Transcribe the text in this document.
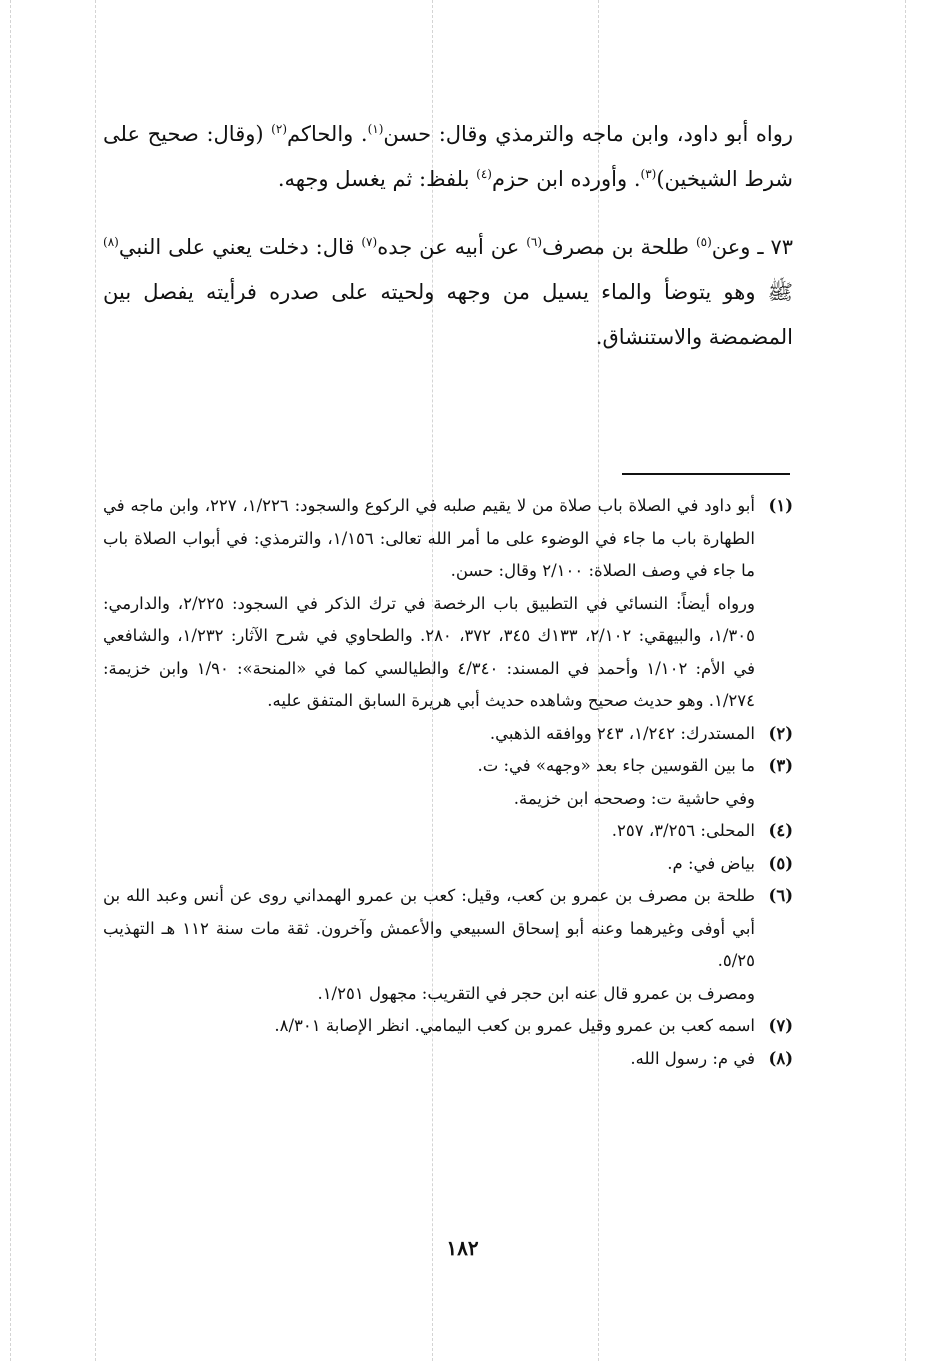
رواه أبو داود، وابن ماجه والترمذي وقال: حسن$^{(١)}$. والحاكم$^{(٢)}$ (وقال: صحيح على شرط الشيخين)$^{(٣)}$. وأورده ابن حزم$^{(٤)}$ بلفظ: ثم يغسل وجهه.

٧٣ ـ وعن$^{(٥)}$ طلحة بن مصرف$^{(٦)}$ عن أبيه عن جده$^{(٧)}$ قال: دخلت يعني على النبي$^{(٨)}$ ﷺ وهو يتوضأ والماء يسيل من وجهه ولحيته على صدره فرأيته يفصل بين المضمضة والاستنشاق.

(١)
أبو داود في الصلاة باب صلاة من لا يقيم صلبه في الركوع والسجود: ١/٢٢٦، ٢٢٧، وابن ماجه في الطهارة باب ما جاء في الوضوء على ما أمر الله تعالى: ١/١٥٦، والترمذي: في أبواب الصلاة باب ما جاء في وصف الصلاة: ٢/١٠٠ وقال: حسن.
ورواه أيضاً: النسائي في التطبيق باب الرخصة في ترك الذكر في السجود: ٢/٢٢٥، والدارمي: ١/٣٠٥، والبيهقي: ٢/١٠٢، ١٣٣ك ٣٤٥، ٣٧٢، ٢٨٠. والطحاوي في شرح الآثار: ١/٢٣٢، والشافعي في الأم: ١/١٠٢ وأحمد في المسند: ٤/٣٤٠ والطيالسي كما في «المنحة»: ١/٩٠ وابن خزيمة: ١/٢٧٤. وهو حديث صحيح وشاهده حديث أبي هريرة السابق المتفق عليه.
(٢)
المستدرك: ١/٢٤٢، ٢٤٣ ووافقه الذهبي.
(٣)
ما بين القوسين جاء بعد «وجهه» في: ت.
وفي حاشية ت: وصححه ابن خزيمة.
(٤)
المحلى: ٣/٢٥٦، ٢٥٧.
(٥)
بياض في: م.
(٦)
طلحة بن مصرف بن عمرو بن كعب، وقيل: كعب بن عمرو الهمداني روى عن أنس وعبد الله بن أبي أوفى وغيرهما وعنه أبو إسحاق السبيعي والأعمش وآخرون. ثقة مات سنة ١١٢ هـ التهذيب ٥/٢٥.
ومصرف بن عمرو قال عنه ابن حجر في التقريب: مجهول ١/٢٥١.
(٧)
اسمه كعب بن عمرو وقيل عمرو بن كعب اليمامي. انظر الإصابة ٨/٣٠١.
(٨)
في م: رسول الله.
١٨٢
